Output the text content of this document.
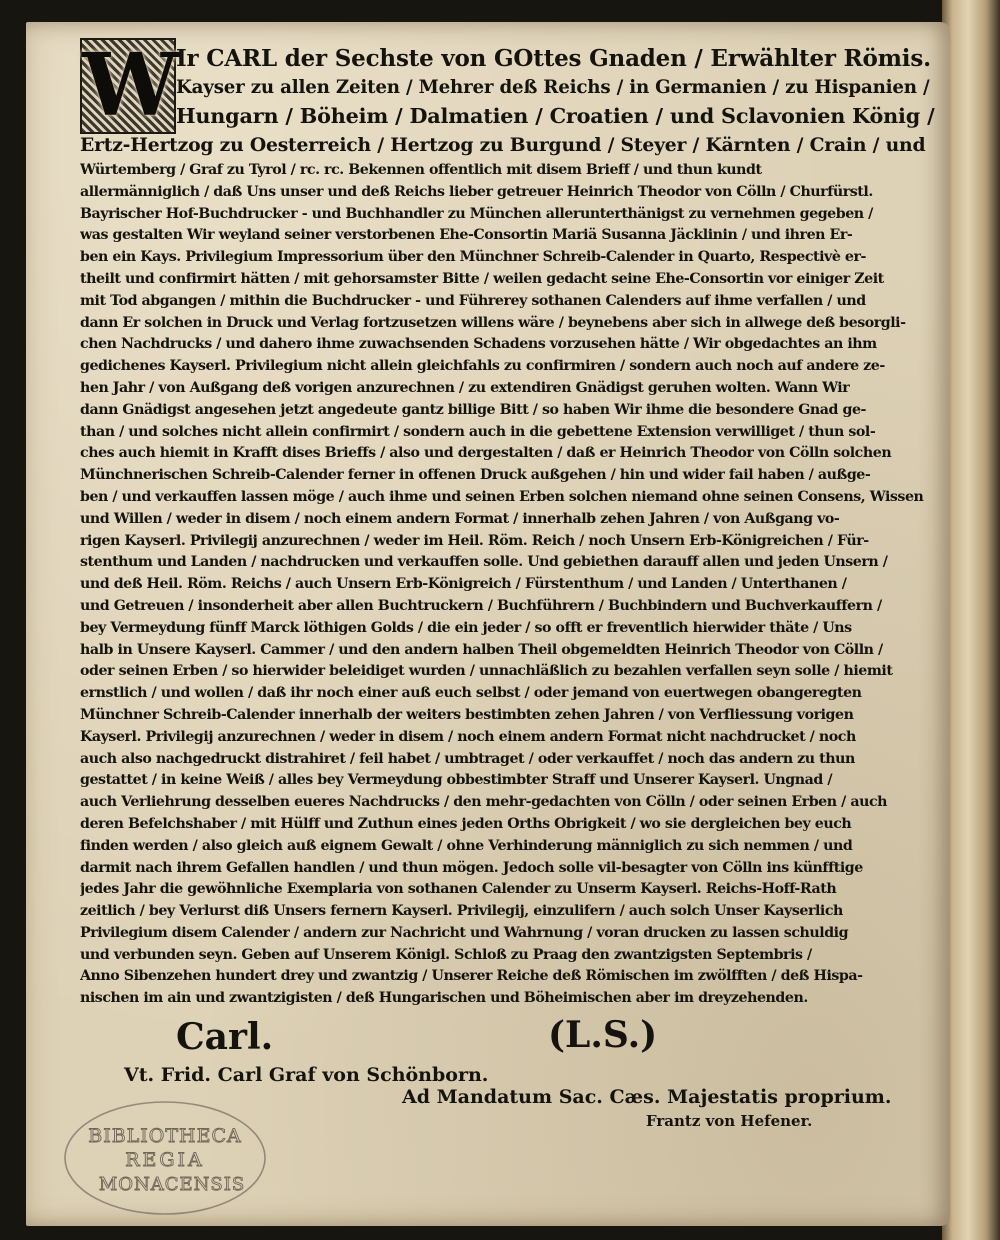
W
Ir CARL der Sechste von GOttes Gnaden / Erwählter Römis.
Kayser zu allen Zeiten / Mehrer deß Reichs / in Germanien / zu Hispanien /
Hungarn / Böheim / Dalmatien / Croatien / und Sclavonien König /
Ertz-Hertzog zu Oesterreich / Hertzog zu Burgund / Steyer / Kärnten / Crain / und
Würtemberg / Graf zu Tyrol / rc. rc. Bekennen offentlich mit disem Brieff / und thun kundt
allermänniglich / daß Uns unser und deß Reichs lieber getreuer Heinrich Theodor von Cölln / Churfürstl.
Bayrischer Hof-Buchdrucker - und Buchhandler zu München allerunterthänigst zu vernehmen gegeben /
was gestalten Wir weyland seiner verstorbenen Ehe-Consortin Mariä Susanna Jäcklinin / und ihren Er-
ben ein Kays. Privilegium Impressorium über den Münchner Schreib-Calender in Quarto, Respectivè er-
theilt und confirmirt hätten / mit gehorsamster Bitte / weilen gedacht seine Ehe-Consortin vor einiger Zeit
mit Tod abgangen / mithin die Buchdrucker - und Führerey sothanen Calenders auf ihme verfallen / und
dann Er solchen in Druck und Verlag fortzusetzen willens wäre / beynebens aber sich in allwege deß besorgli-
chen Nachdrucks / und dahero ihme zuwachsenden Schadens vorzusehen hätte / Wir obgedachtes an ihm
gedichenes Kayserl. Privilegium nicht allein gleichfahls zu confirmiren / sondern auch noch auf andere ze-
hen Jahr / von Außgang deß vorigen anzurechnen / zu extendiren Gnädigst geruhen wolten. Wann Wir
dann Gnädigst angesehen jetzt angedeute gantz billige Bitt / so haben Wir ihme die besondere Gnad ge-
than / und solches nicht allein confirmirt / sondern auch in die gebettene Extension verwilliget / thun sol-
ches auch hiemit in Krafft dises Brieffs / also und dergestalten / daß er Heinrich Theodor von Cölln solchen
Münchnerischen Schreib-Calender ferner in offenen Druck außgehen / hin und wider fail haben / außge-
ben / und verkauffen lassen möge / auch ihme und seinen Erben solchen niemand ohne seinen Consens, Wissen
und Willen / weder in disem / noch einem andern Format / innerhalb zehen Jahren / von Außgang vo-
rigen Kayserl. Privilegij anzurechnen / weder im Heil. Röm. Reich / noch Unsern Erb-Königreichen / Für-
stenthum und Landen / nachdrucken und verkauffen solle. Und gebiethen darauff allen und jeden Unsern /
und deß Heil. Röm. Reichs / auch Unsern Erb-Königreich / Fürstenthum / und Landen / Unterthanen /
und Getreuen / insonderheit aber allen Buchtruckern / Buchführern / Buchbindern und Buchverkauffern /
bey Vermeydung fünff Marck löthigen Golds / die ein jeder / so offt er freventlich hierwider thäte / Uns
halb in Unsere Kayserl. Cammer / und den andern halben Theil obgemeldten Heinrich Theodor von Cölln /
oder seinen Erben / so hierwider beleidiget wurden / unnachläßlich zu bezahlen verfallen seyn solle / hiemit
ernstlich / und wollen / daß ihr noch einer auß euch selbst / oder jemand von euertwegen obangeregten
Münchner Schreib-Calender innerhalb der weiters bestimbten zehen Jahren / von Verfliessung vorigen
Kayserl. Privilegij anzurechnen / weder in disem / noch einem andern Format nicht nachdrucket / noch
auch also nachgedruckt distrahiret / feil habet / umbtraget / oder verkauffet / noch das andern zu thun
gestattet / in keine Weiß / alles bey Vermeydung obbestimbter Straff und Unserer Kayserl. Ungnad /
auch Verliehrung desselben eueres Nachdrucks / den mehr-gedachten von Cölln / oder seinen Erben / auch
deren Befelchshaber / mit Hülff und Zuthun eines jeden Orths Obrigkeit / wo sie dergleichen bey euch
finden werden / also gleich auß eignem Gewalt / ohne Verhinderung männiglich zu sich nemmen / und
darmit nach ihrem Gefallen handlen / und thun mögen. Jedoch solle vil-besagter von Cölln ins künfftige
jedes Jahr die gewöhnliche Exemplaria von sothanen Calender zu Unserm Kayserl. Reichs-Hoff-Rath
zeitlich / bey Verlurst diß Unsers fernern Kayserl. Privilegij, einzulifern / auch solch Unser Kayserlich
Privilegium disem Calender / andern zur Nachricht und Wahrnung / voran drucken zu lassen schuldig
und verbunden seyn. Geben auf Unserem Königl. Schloß zu Praag den zwantzigsten Septembris /
Anno Sibenzehen hundert drey und zwantzig / Unserer Reiche deß Römischen im zwölfften / deß Hispa-
nischen im ain und zwantzigisten / deß Hungarischen und Böheimischen aber im dreyzehenden.
Carl.	(L.S.)
Vt. Frid. Carl Graf von Schönborn.
Ad Mandatum Sac. Cæs. Majestatis proprium.
Frantz von Hefener.
BIBLIOTHECA
REGIA
MONACENSIS
